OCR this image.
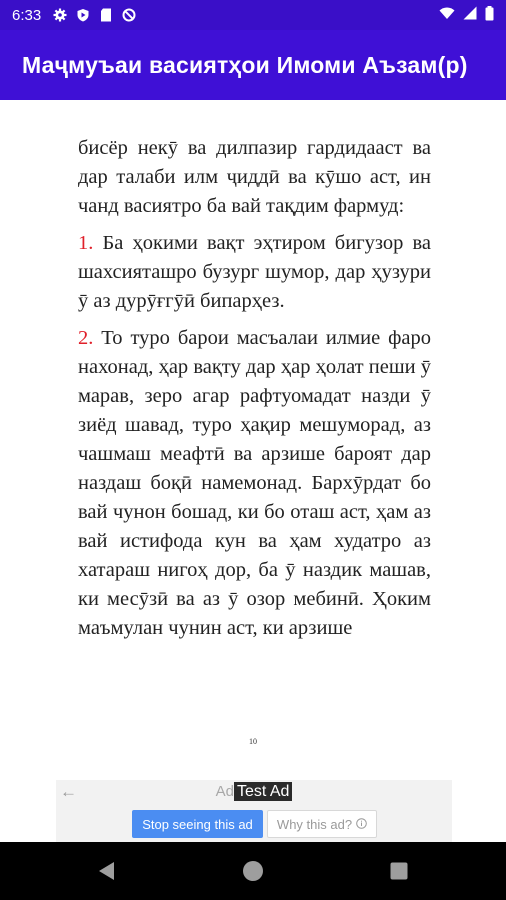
6:33
Маҷмуъаи васиятҳои Имоми Аъзам(р)

бисёр некӯ ва дилпазир гардидааст ва дар талаби илм ҷиддӣ ва кӯшо аст, ин чанд васиятро ба вай тақдим фармуд:

1. Ба ҳокими вақт эҳтиром бигузор ва шахсияташро бузург шумор, дар ҳузури ӯ аз дурӯғгӯӣ бипарҳез.

2. То туро барои масъалаи илмие фаро нахонад, ҳар вақту дар ҳар ҳолат пеши ӯ марав, зеро агар рафтуомадат назди ӯ зиёд шавад, туро ҳақир мешуморад, аз чашмаш меафтӣ ва арзише бароят дар наздаш боқӣ намемонад. Бархӯрдат бо вай чунон бошад, ки бо оташ аст, ҳам аз вай истифода кун ва ҳам худатро аз хатараш нигоҳ дор, ба ӯ наздик машав, ки месӯзӣ ва аз ӯ озор мебинӣ. Ҳоким маъмулан чунин аст, ки арзише

10
←	Ad Test Ad
Stop seeing this ad	Why this ad?
